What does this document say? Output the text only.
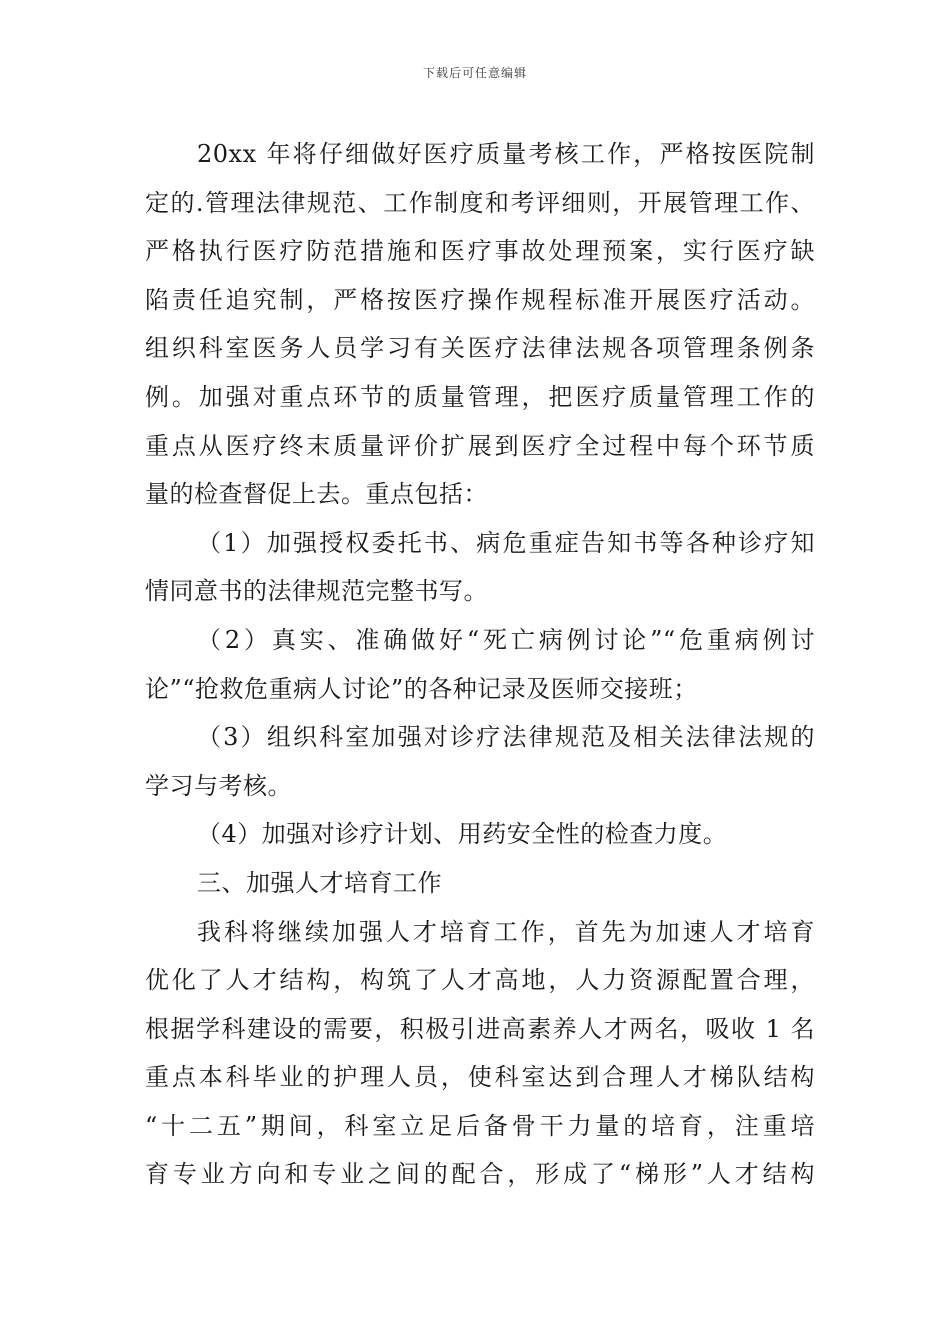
下载后可任意编辑
20xx 年将仔细做好医疗质量考核工作，严格按医院制
定的.管理法律规范、工作制度和考评细则，开展管理工作、
严格执行医疗防范措施和医疗事故处理预案，实行医疗缺
陷责任追究制，严格按医疗操作规程标准开展医疗活动。
组织科室医务人员学习有关医疗法律法规各项管理条例条
例。加强对重点环节的质量管理，把医疗质量管理工作的
重点从医疗终末质量评价扩展到医疗全过程中每个环节质
量的检查督促上去。重点包括：
（1）加强授权委托书、病危重症告知书等各种诊疗知
情同意书的法律规范完整书写。
（2）真实、准确做好“死亡病例讨论”“危重病例讨
论”“抢救危重病人讨论”的各种记录及医师交接班；
（3）组织科室加强对诊疗法律规范及相关法律法规的
学习与考核。
（4）加强对诊疗计划、用药安全性的检查力度。
三、加强人才培育工作
我科将继续加强人才培育工作，首先为加速人才培育
优化了人才结构，构筑了人才高地，人力资源配置合理，
根据学科建设的需要，积极引进高素养人才两名，吸收 1 名
重点本科毕业的护理人员，使科室达到合理人才梯队结构
“十二五”期间，科室立足后备骨干力量的培育，注重培
育专业方向和专业之间的配合，形成了“梯形”人才结构
